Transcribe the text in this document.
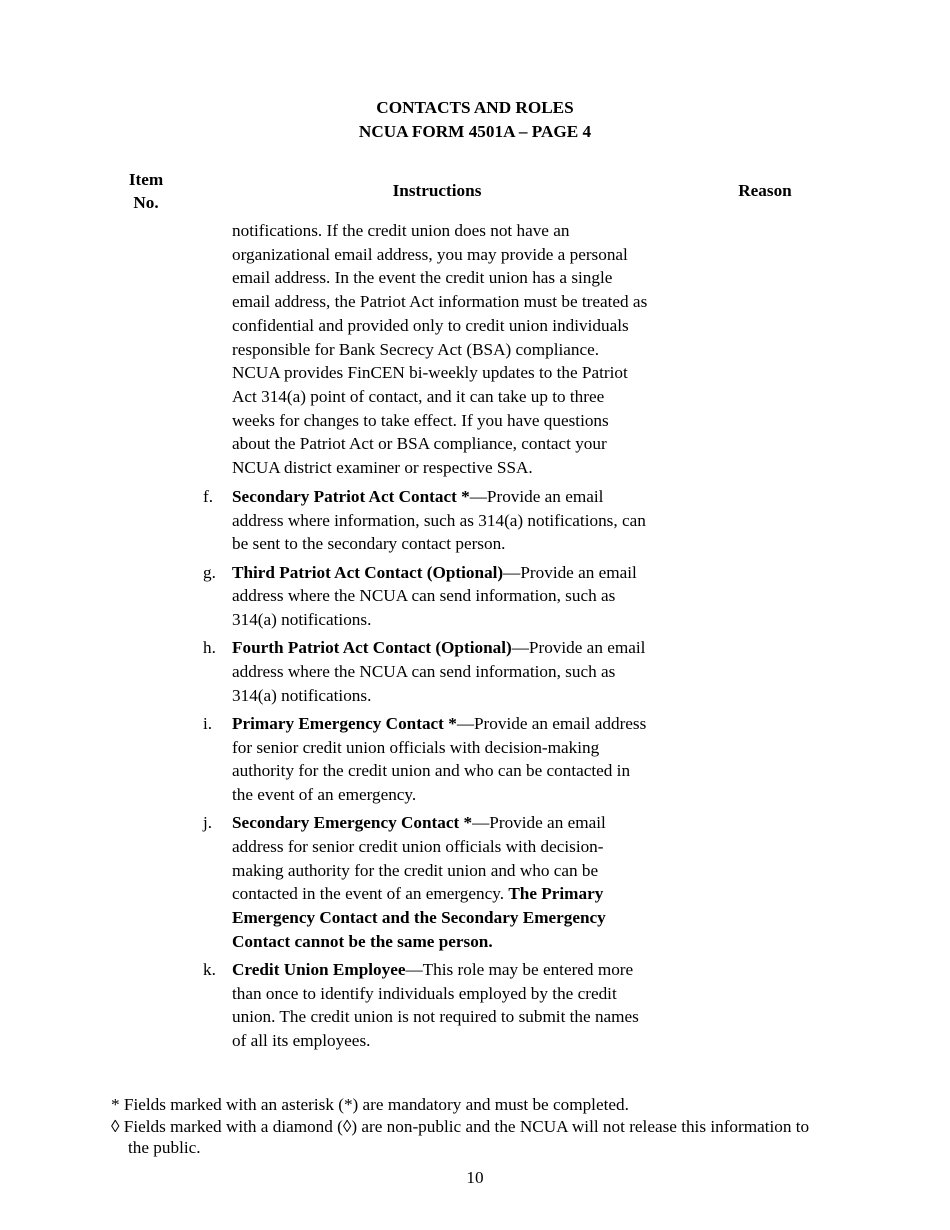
CONTACTS AND ROLES
NCUA FORM 4501A – PAGE 4
Item
No.
Instructions	Reason

notifications. If the credit union does not have an

organizational email address, you may provide a personal

email address. In the event the credit union has a single

email address, the Patriot Act information must be treated as

confidential and provided only to credit union individuals

responsible for Bank Secrecy Act (BSA) compliance.

NCUA provides FinCEN bi-weekly updates to the Patriot

Act 314(a) point of contact, and it can take up to three

weeks for changes to take effect. If you have questions

about the Patriot Act or BSA compliance, contact your

NCUA district examiner or respective SSA.

f. Secondary Patriot Act Contact *—Provide an email
address where information, such as 314(a) notifications, can
be sent to the secondary contact person.
g. Third Patriot Act Contact (Optional)—Provide an email
address where the NCUA can send information, such as
314(a) notifications.
h. Fourth Patriot Act Contact (Optional)—Provide an email
address where the NCUA can send information, such as
314(a) notifications.
i. Primary Emergency Contact *—Provide an email address
for senior credit union officials with decision-making
authority for the credit union and who can be contacted in
the event of an emergency.
j. Secondary Emergency Contact *—Provide an email
address for senior credit union officials with decision-
making authority for the credit union and who can be
contacted in the event of an emergency. The Primary
Emergency Contact and the Secondary Emergency
Contact cannot be the same person.
k. Credit Union Employee—This role may be entered more
than once to identify individuals employed by the credit
union. The credit union is not required to submit the names
of all its employees.

* Fields marked with an asterisk (*) are mandatory and must be completed.

◊ Fields marked with a diamond (◊) are non-public and the NCUA will not release this information to the public.

10
